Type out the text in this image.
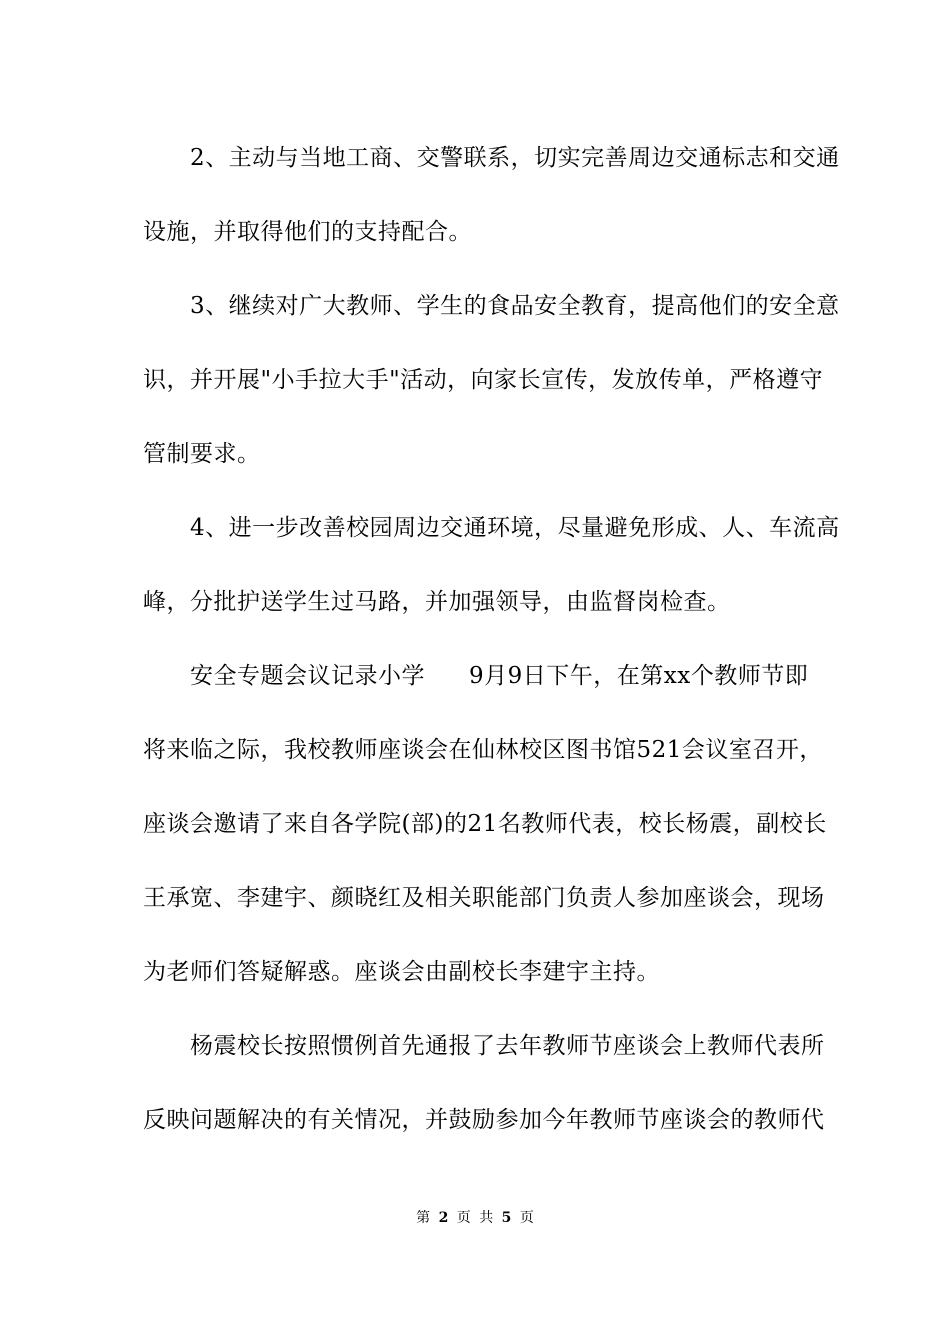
2、主动与当地工商、交警联系，切实完善周边交通标志和交通
设施，并取得他们的支持配合。
3、继续对广大教师、学生的食品安全教育，提高他们的安全意
识，并开展"小手拉大手"活动，向家长宣传，发放传单，严格遵守
管制要求。
4、进一步改善校园周边交通环境，尽量避免形成、人、车流高
峰，分批护送学生过马路，并加强领导，由监督岗检查。
安全专题会议记录小学 9月9日下午，在第xx个教师节即
将来临之际，我校教师座谈会在仙林校区图书馆521会议室召开，
座谈会邀请了来自各学院(部)的21名教师代表，校长杨震，副校长
王承宽、李建宇、颜晓红及相关职能部门负责人参加座谈会，现场
为老师们答疑解惑。座谈会由副校长李建宇主持。
杨震校长按照惯例首先通报了去年教师节座谈会上教师代表所
反映问题解决的有关情况，并鼓励参加今年教师节座谈会的教师代
第 2 页 共 5 页
